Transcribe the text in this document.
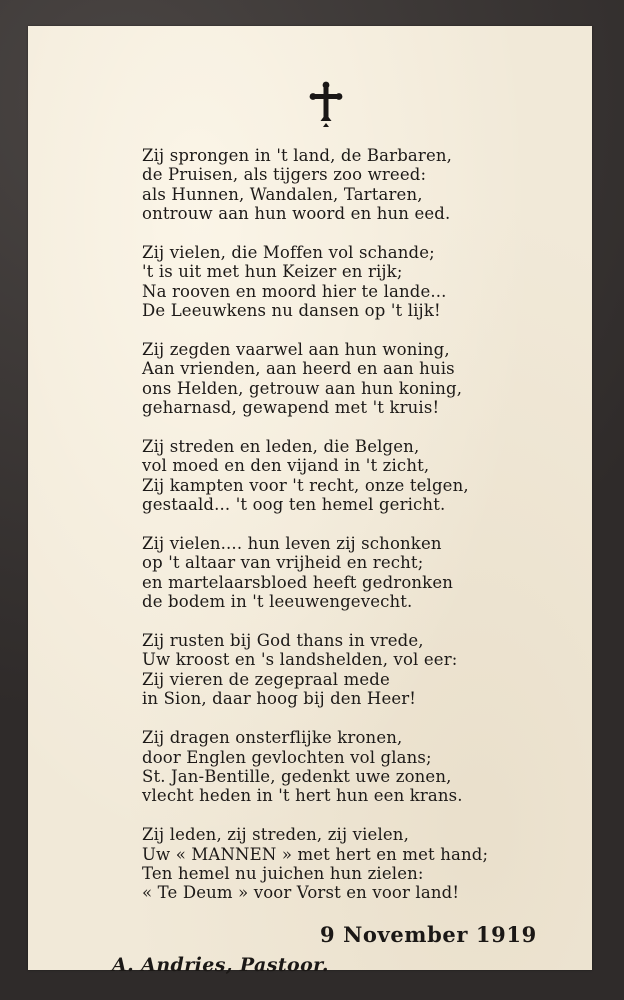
Zij sprongen in 't land, de Barbaren,
de Pruisen, als tijgers zoo wreed:
als Hunnen, Wandalen, Tartaren,
ontrouw aan hun woord en hun eed.
Zij vielen, die Moffen vol schande;
't is uit met hun Keizer en rijk;
Na rooven en moord hier te lande...
De Leeuwkens nu dansen op 't lijk!
Zij zegden vaarwel aan hun woning,
Aan vrienden, aan heerd en aan huis
ons Helden, getrouw aan hun koning,
geharnasd, gewapend met 't kruis!
Zij streden en leden, die Belgen,
vol moed en den vijand in 't zicht,
Zij kampten voor 't recht, onze telgen,
gestaald... 't oog ten hemel gericht.
Zij vielen.... hun leven zij schonken
op 't altaar van vrijheid en recht;
en martelaarsbloed heeft gedronken
de bodem in 't leeuwengevecht.
Zij rusten bij God thans in vrede,
Uw kroost en 's landshelden, vol eer:
Zij vieren de zegepraal mede
in Sion, daar hoog bij den Heer!
Zij dragen onsterflijke kronen,
door Englen gevlochten vol glans;
St. Jan-Bentille, gedenkt uwe zonen,
vlecht heden in 't hert hun een krans.
Zij leden, zij streden, zij vielen,
Uw « MANNEN » met hert en met hand;
Ten hemel nu juichen hun zielen:
« Te Deum » voor Vorst en voor land!
9 November 1919
A. Andries, Pastoor.
